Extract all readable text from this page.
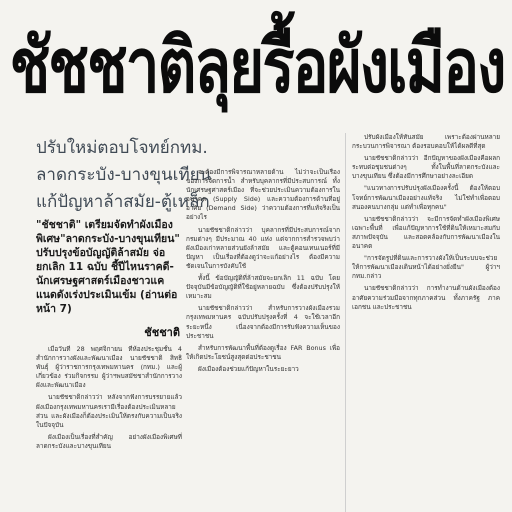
ชัชชาติลุยรื้อผังเมือง
ปรับใหม่ตอบโจทย์กทม.
ลาดกระบัง-บางขุนเทียน
แก้ปัญหาล้าสมัย-ตู้เหล็ก
"ชัชชาติ" เตรียมจัดทำผังเมืองพิเศษ"ลาดกระบัง-บางขุนเทียน" ปรับปรุงข้อบัญญัติล้าสมัย จ่อยกเลิก 11 ฉบับ ชี้ปีไหนราคดี-นักเศรษฐศาสตร์เมืองชาวแคแนดดังเร่งประเมินเข้ม (อ่านต่อหน้า 7)
ชัชชาติ

เมื่อวันที่ 28 พฤศจิกายน ที่ห้องประชุมชั้น 4 สำนักการวางผังและพัฒนาเมือง นายชัชชาติ สิทธิพันธุ์ ผู้ว่าราชการกรุงเทพมหานคร (กทม.) และผู้เกี่ยวข้อง ร่วมกิจกรรม ผู้ว่าฯพบสมัชชาสำนักการวางผังและพัฒนาเมือง

นายชัชชาติกล่าวว่า หลังจากฟังการบรรยายแล้ว ผังเมืองกรุงเทพมหานครเรามีเรื่องต้องประเมินหลายส่วน และผังเมืองก็ต้องประเมินให้ตรงกับความเป็นจริงในปัจจุบัน

ผังเมืองเป็นเรื่องที่สำคัญ อย่างผังเมืองพิเศษที่ลาดกระบังและบางขุนเทียน

จะต้องมีการพิจารณาหลายด้าน ไม่ว่าจะเป็นเรื่องของการจัดการน้ำ สำหรับบุคลากรที่มีประสบการณ์ ทั้งนักเศรษฐศาสตร์เมือง ที่จะช่วยประเมินความต้องการในอนาคต (Supply Side) และความต้องการด้านที่อยู่อาศัย (Demand Side) ว่าความต้องการที่แท้จริงเป็นอย่างไร

นายชัชชาติกล่าวว่า บุคลากรที่มีประสบการณ์จากกรมต่างๆ มีประมาณ 40 แห่ง แต่จากการสำรวจพบว่าผังเมืองเก่าหลายส่วนยังล้าสมัย และตู้คอนเทนเนอร์ที่มีปัญหา เป็นเรื่องที่ต้องดูว่าจะแก้อย่างไร ต้องมีความชัดเจนในการบังคับใช้

ทั้งนี้ ข้อบัญญัติที่ล้าสมัยจะยกเลิก 11 ฉบับ โดยปัจจุบันมีข้อบัญญัติที่ใช้อยู่หลายฉบับ ซึ่งต้องปรับปรุงให้เหมาะสม

นายชัชชาติกล่าวว่า สำหรับการวางผังเมืองรวมกรุงเทพมหานคร ฉบับปรับปรุงครั้งที่ 4 จะใช้เวลาอีกระยะหนึ่ง เนื่องจากต้องมีการรับฟังความเห็นของประชาชน

สำหรับการพัฒนาพื้นที่ต้องดูเรื่อง FAR Bonus เพื่อให้เกิดประโยชน์สูงสุดต่อประชาชน

ผังเมืองต้องช่วยแก้ปัญหาในระยะยาว

ปรับผังเมืองให้ทันสมัย เพราะต้องผ่านหลายกระบวนการพิจารณา ต้องรอบคอบให้ได้ผลดีที่สุด

นายชัชชาติกล่าวว่า อีกปัญหาของผังเมืองคือผลกระทบต่อชุมชนต่างๆ ทั้งในพื้นที่ลาดกระบังและบางขุนเทียน ซึ่งต้องมีการศึกษาอย่างละเอียด

"แนวทางการปรับปรุงผังเมืองครั้งนี้ ต้องให้ตอบโจทย์การพัฒนาเมืองอย่างแท้จริง ไม่ใช่ทำเพื่อตอบสนองคนบางกลุ่ม แต่ทำเพื่อทุกคน"

นายชัชชาติกล่าวว่า จะมีการจัดทำผังเมืองพิเศษเฉพาะพื้นที่ เพื่อแก้ปัญหาการใช้ที่ดินให้เหมาะสมกับสภาพปัจจุบัน และสอดคล้องกับการพัฒนาเมืองในอนาคต

"การจัดรูปที่ดินและการวางผังให้เป็นระบบจะช่วยให้การพัฒนาเมืองเดินหน้าได้อย่างยั่งยืน" ผู้ว่าฯ กทม.กล่าว

นายชัชชาติกล่าวว่า การทำงานด้านผังเมืองต้องอาศัยความร่วมมือจากทุกภาคส่วน ทั้งภาครัฐ ภาคเอกชน และประชาชน
